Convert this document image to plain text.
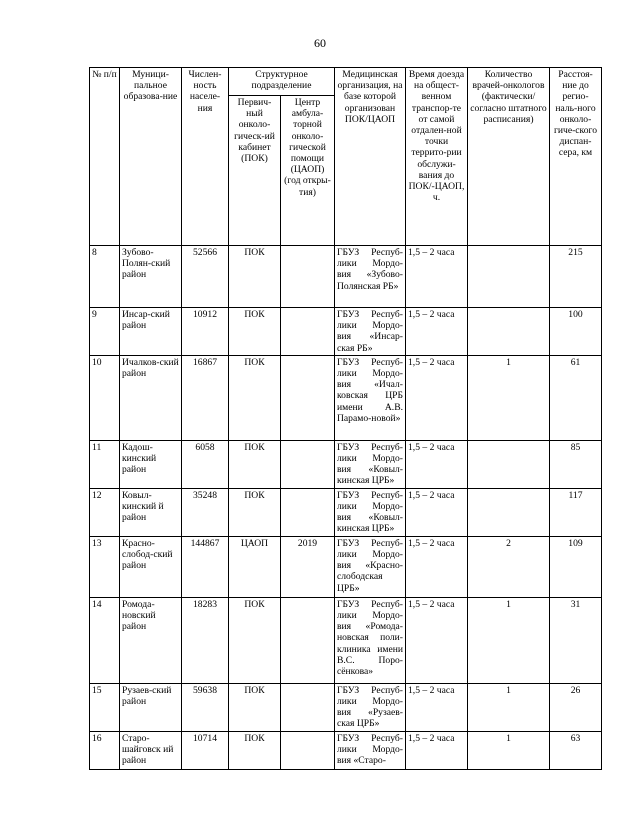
60
№ п/п	Муници-пальное образова-ние	Числен-ность населе-ния	Структурное подразделение		Медицинская организация, на базе которой организован ПОК/ЦАОП	Время доезда на общест-венном транспор-те от самой отдален-ной точки террито-рии обслужи-вания до ПОК/-ЦАОП, ч.	Количество врачей-онкологов (фактически/ согласно штатного расписания)	Расстоя-ние до регио-наль-ного онколо-гиче-ского диспан-сера, км
			Первич-ный онколо-гическ-ий кабинет (ПОК)	Центр амбула-торной онколо-гической помощи (ЦАОП) (год откры-тия)				
8	Зубово-Полян-ский район	52566	ПОК		ГБУЗ Респуб-лики Мордо-вия «Зубово-Полянская РБ»	1,5 – 2 часа		215
9	Инсар-ский район	10912	ПОК		ГБУЗ Респуб-лики Мордо-вия «Инсар-ская РБ»	1,5 – 2 часа		100
10	Ичалков-ский район	16867	ПОК		ГБУЗ Респуб-лики Мордо-вия «Ичал-ковская ЦРБ имени А.В. Парамо-новой»	1,5 – 2 часа	1	61
11	Кадош-кинский район	6058	ПОК		ГБУЗ Респуб-лики Мордо-вия «Ковыл-кинская ЦРБ»	1,5 – 2 часа		85
12	Ковыл-кинский й район	35248	ПОК		ГБУЗ Респуб-лики Мордо-вия «Ковыл-кинская ЦРБ»	1,5 – 2 часа		117
13	Красно-слобод-ский район	144867	ЦАОП	2019	ГБУЗ Респуб-лики Мордо-вия «Красно-слободская ЦРБ»	1,5 – 2 часа	2	109
14	Ромода-новский район	18283	ПОК		ГБУЗ Респуб-лики Мордо-вия «Ромода-новская поли-клиника имени В.С. Поро-сёнкова»	1,5 – 2 часа	1	31
15	Рузаев-ский район	59638	ПОК		ГБУЗ Респуб-лики Мордо-вия «Рузаев-ская ЦРБ»	1,5 – 2 часа	1	26
16	Старо-шайговск ий район	10714	ПОК		ГБУЗ Респуб-лики Мордо-вия «Старо-	1,5 – 2 часа	1	63
